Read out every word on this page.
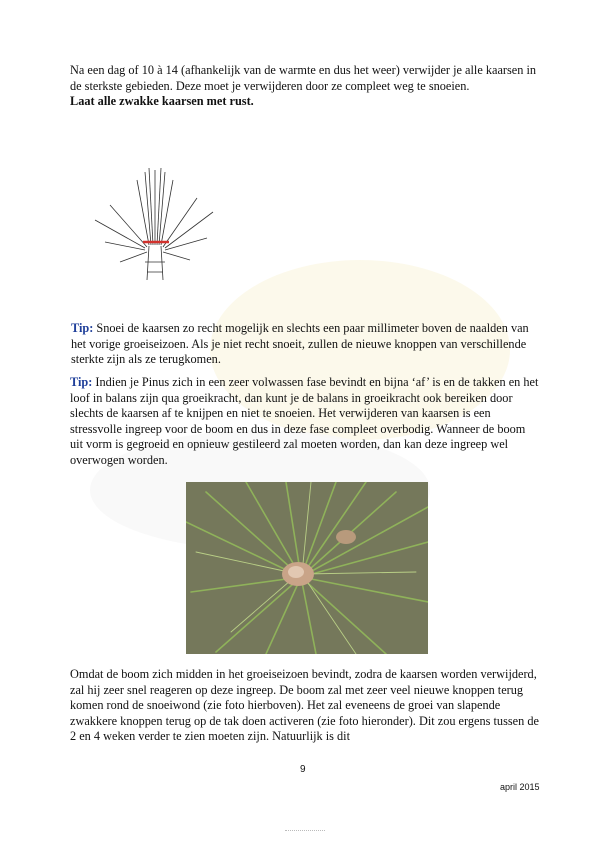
Na een dag of 10 à 14 (afhankelijk van de warmte en dus het weer) verwijder je alle kaarsen in de sterkste gebieden. Deze moet je verwijderen door ze compleet weg te snoeien.

Laat alle zwakke kaarsen met rust.

Tip: Snoei de kaarsen zo recht mogelijk en slechts een paar millimeter boven de naalden van het vorige groeiseizoen. Als je niet recht snoeit, zullen de nieuwe knoppen van verschillende sterkte zijn als ze terugkomen.

Tip: Indien je Pinus zich in een zeer volwassen fase bevindt en bijna ‘af’ is en de takken en het loof in balans zijn qua groeikracht, dan kunt je de balans in groeikracht ook bereiken door slechts de kaarsen af te knijpen en niet te snoeien. Het verwijderen van kaarsen is een stressvolle ingreep voor de boom en dus in deze fase compleet overbodig. Wanneer de boom uit vorm is gegroeid en opnieuw gestileerd zal moeten worden, dan kan deze ingreep wel overwogen worden.

Omdat de boom zich midden in het groeiseizoen bevindt, zodra de kaarsen worden verwijderd, zal hij zeer snel reageren op deze ingreep. De boom zal met zeer veel nieuwe knoppen terug komen rond de snoeiwond (zie foto hierboven). Het zal eveneens de groei van slapende zwakkere knoppen terug op de tak doen activeren (zie foto hieronder). Dit zou ergens tussen de 2 en 4 weken verder te zien moeten zijn. Natuurlijk is dit

9
april 2015
